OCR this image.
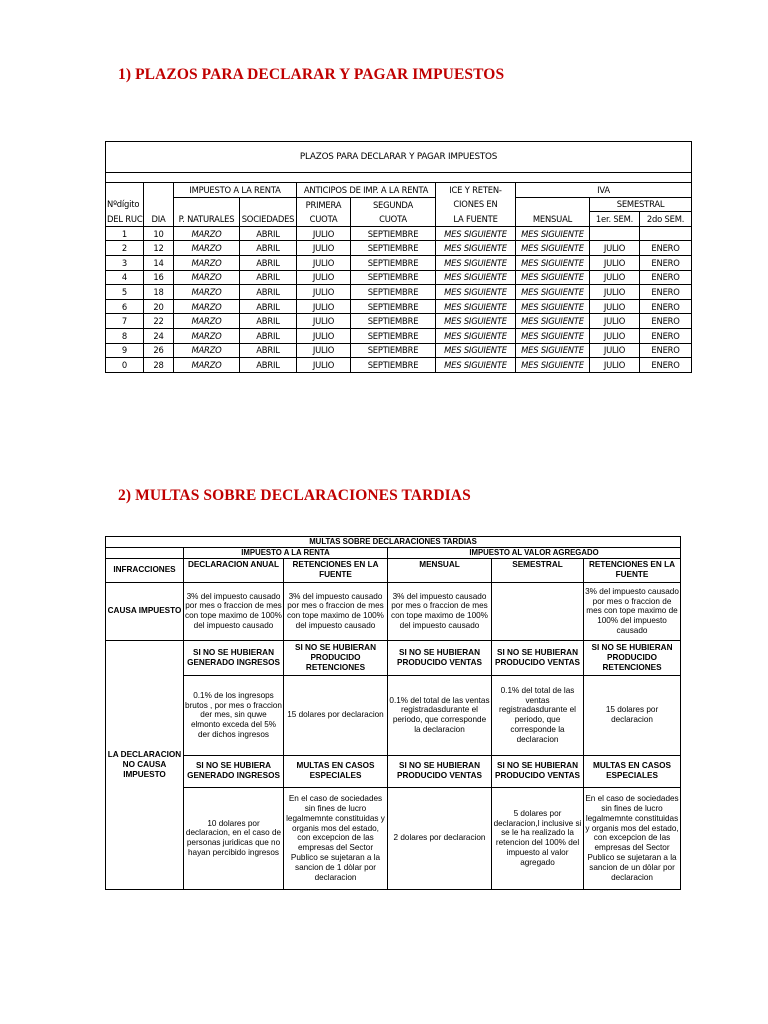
1) PLAZOS PARA DECLARAR Y PAGAR IMPUESTOS
PLAZOS PARA DECLARAR Y PAGAR IMPUESTOS									

		IMPUESTO A LA RENTA		ANTICIPOS DE IMP. A LA RENTA		ICE Y RETEN-	IVA		
Nºdígito				PRIMERA	SEGUNDA	CIONES EN		SEMESTRAL	
DEL RUC	DIA	P. NATURALES	SOCIEDADES	CUOTA	CUOTA	LA FUENTE	MENSUAL	1er. SEM.	2do SEM.
1	10	MARZO	ABRIL	JULIO	SEPTIEMBRE	MES SIGUIENTE	MES SIGUIENTE		
2	12	MARZO	ABRIL	JULIO	SEPTIEMBRE	MES SIGUIENTE	MES SIGUIENTE	JULIO	ENERO
3	14	MARZO	ABRIL	JULIO	SEPTIEMBRE	MES SIGUIENTE	MES SIGUIENTE	JULIO	ENERO
4	16	MARZO	ABRIL	JULIO	SEPTIEMBRE	MES SIGUIENTE	MES SIGUIENTE	JULIO	ENERO
5	18	MARZO	ABRIL	JULIO	SEPTIEMBRE	MES SIGUIENTE	MES SIGUIENTE	JULIO	ENERO
6	20	MARZO	ABRIL	JULIO	SEPTIEMBRE	MES SIGUIENTE	MES SIGUIENTE	JULIO	ENERO
7	22	MARZO	ABRIL	JULIO	SEPTIEMBRE	MES SIGUIENTE	MES SIGUIENTE	JULIO	ENERO
8	24	MARZO	ABRIL	JULIO	SEPTIEMBRE	MES SIGUIENTE	MES SIGUIENTE	JULIO	ENERO
9	26	MARZO	ABRIL	JULIO	SEPTIEMBRE	MES SIGUIENTE	MES SIGUIENTE	JULIO	ENERO
0	28	MARZO	ABRIL	JULIO	SEPTIEMBRE	MES SIGUIENTE	MES SIGUIENTE	JULIO	ENERO
2) MULTAS SOBRE DECLARACIONES TARDIAS
MULTAS SOBRE DECLARACIONES TARDIAS					
	IMPUESTO A LA RENTA		IMPUESTO AL VALOR AGREGADO		
INFRACCIONES	DECLARACION ANUAL	RETENCIONES EN LA FUENTE	MENSUAL	SEMESTRAL	RETENCIONES EN LA FUENTE
CAUSA IMPUESTO	3% del impuesto causado por mes o fraccion de mes con tope maximo de 100% del impuesto causado	3% del impuesto causado por mes o fraccion de mes con tope maximo de 100% del impuesto causado	3% del impuesto causado por mes o fraccion de mes con tope maximo de 100% del impuesto causado		3% del impuesto causado por mes o fraccion de mes con tope maximo de 100% del impuesto causado
LA DECLARACION NO CAUSA IMPUESTO	SI NO SE HUBIERAN GENERADO INGRESOS	SI NO SE HUBIERAN PRODUCIDO RETENCIONES	SI NO SE HUBIERAN PRODUCIDO VENTAS	SI NO SE HUBIERAN PRODUCIDO VENTAS	SI NO SE HUBIERAN PRODUCIDO RETENCIONES
	0.1% de los ingresops brutos , por mes o fraccion der mes, sin quwe elmonto exceda del 5% der dichos ingresos	15 dolares por declaracion	0.1% del total de las ventas registradasdurante el periodo, que corresponde la declaracion	0.1% del total de las ventas registradasdurante el periodo, que corresponde la declaracion	15 dolares por declaracion
	SI NO SE HUBIERA GENERADO INGRESOS	MULTAS EN CASOS ESPECIALES	SI NO SE HUBIERAN PRODUCIDO VENTAS	SI NO SE HUBIERAN PRODUCIDO VENTAS	MULTAS EN CASOS ESPECIALES
	10 dolares por declaracion, en el caso de personas juridicas que no hayan percibido ingresos	En el caso de sociedades sin fines de lucro legalmemnte constituidas y organis mos del estado, con excepcion de las empresas del Sector Publico se sujetaran a la sancion de 1 dòlar por declaracion	2 dolares por declaracion	5 dolares por declaracion,l inclusive si se le ha realizado la retencion del 100% del impuesto al valor agregado	En el caso de sociedades sin fines de lucro legalmemnte constituidas y organis mos del estado, con excepcion de las empresas del Sector Publico se sujetaran a la sancion de un dòlar por declaracion
